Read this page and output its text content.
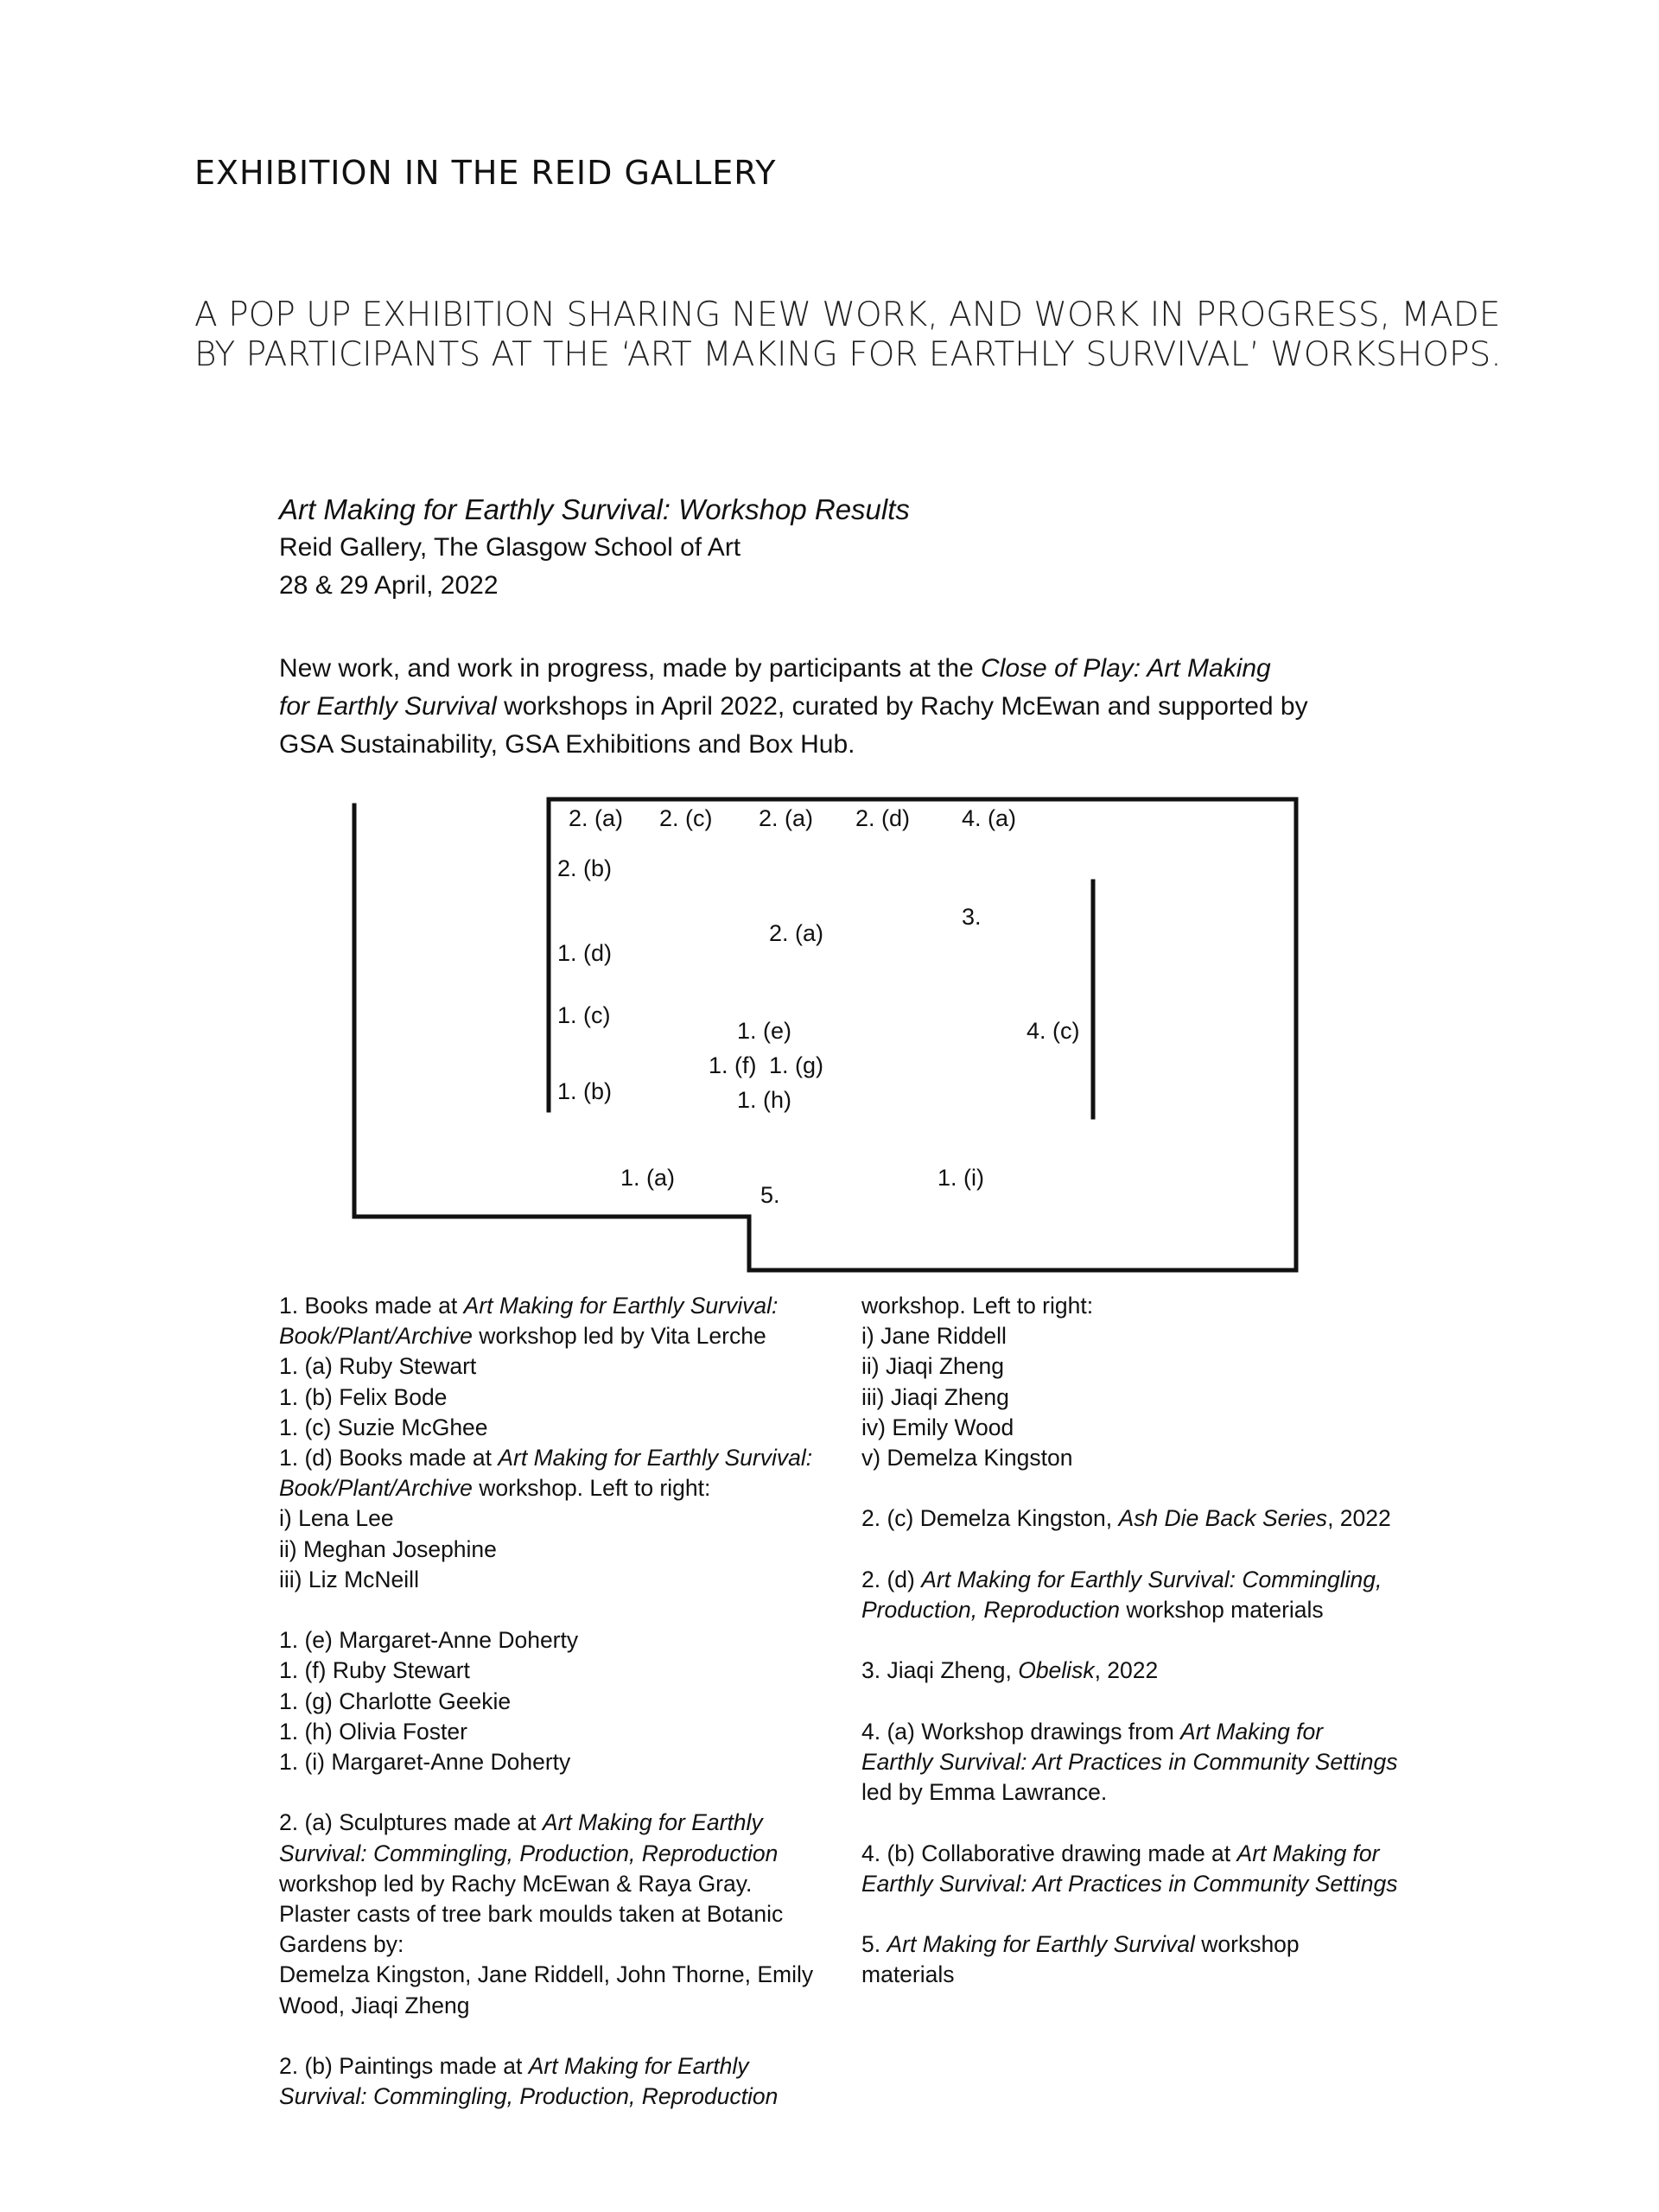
EXHIBITION IN THE REID GALLERY
A POP UP EXHIBITION SHARING NEW WORK, AND WORK IN PROGRESS, MADE
BY PARTICIPANTS AT THE ‘ART MAKING FOR EARTHLY SURVIVAL’ WORKSHOPS.
Art Making for Earthly Survival: Workshop Results
Reid Gallery, The Glasgow School of Art
28 & 29 April, 2022
New work, and work in progress, made by participants at the Close of Play: Art Making
for Earthly Survival workshops in April 2022, curated by Rachy McEwan and supported by
GSA Sustainability, GSA Exhibitions and Box Hub.
2. (a) 2. (c) 2. (a) 2. (d) 4. (a)
2. (b)
3.
2. (a)
1. (d)
1. (c)
1. (e)	4. (c)
1. (f) 1. (g)
1. (b)	1. (h)
1. (a)	1. (i)
5.
1. Books made at Art Making for Earthly Survival:
Book/Plant/Archive workshop led by Vita Lerche
1. (a) Ruby Stewart
1. (b) Felix Bode
1. (c) Suzie McGhee
1. (d) Books made at Art Making for Earthly Survival:
Book/Plant/Archive workshop. Left to right:
i) Lena Lee
ii) Meghan Josephine
iii) Liz McNeill
1. (e) Margaret-Anne Doherty
1. (f) Ruby Stewart
1. (g) Charlotte Geekie
1. (h) Olivia Foster
1. (i) Margaret-Anne Doherty
2. (a) Sculptures made at Art Making for Earthly
Survival: Commingling, Production, Reproduction
workshop led by Rachy McEwan & Raya Gray.
Plaster casts of tree bark moulds taken at Botanic
Gardens by:
Demelza Kingston, Jane Riddell, John Thorne, Emily
Wood, Jiaqi Zheng
2. (b) Paintings made at Art Making for Earthly
Survival: Commingling, Production, Reproduction
workshop. Left to right:
i) Jane Riddell
ii) Jiaqi Zheng
iii) Jiaqi Zheng
iv) Emily Wood
v) Demelza Kingston
2. (c) Demelza Kingston, Ash Die Back Series, 2022
2. (d) Art Making for Earthly Survival: Commingling,
Production, Reproduction workshop materials
3. Jiaqi Zheng, Obelisk, 2022
4. (a) Workshop drawings from Art Making for
Earthly Survival: Art Practices in Community Settings
led by Emma Lawrance.
4. (b) Collaborative drawing made at Art Making for
Earthly Survival: Art Practices in Community Settings
5. Art Making for Earthly Survival workshop
materials
